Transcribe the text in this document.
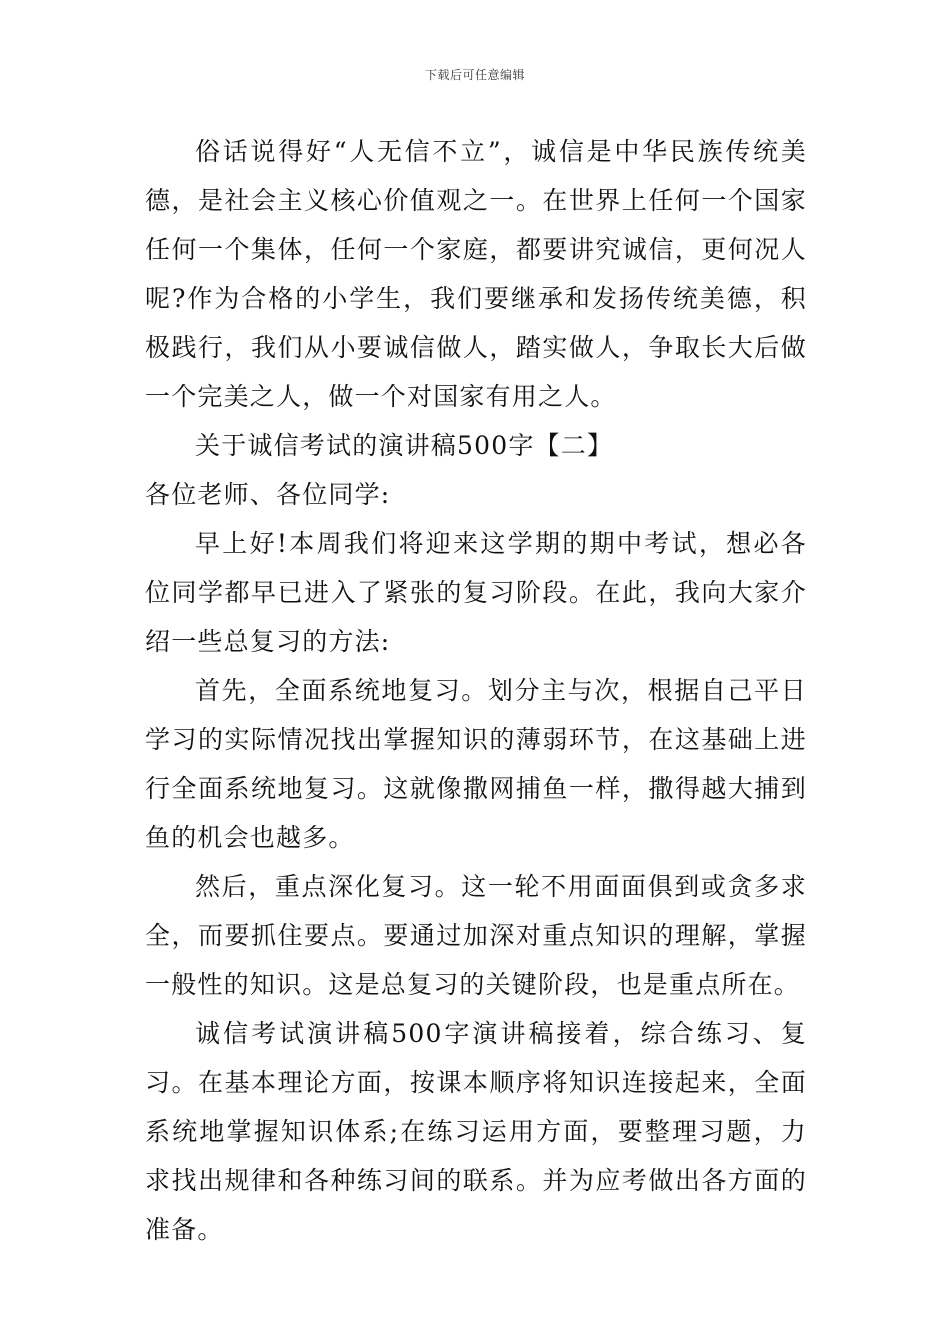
下载后可任意编辑

俗话说得好“人无信不立”，诚信是中华民族传统美德，是社会主义核心价值观之一。在世界上任何一个国家任何一个集体，任何一个家庭，都要讲究诚信，更何况人呢?作为合格的小学生，我们要继承和发扬传统美德，积极践行，我们从小要诚信做人，踏实做人，争取长大后做一个完美之人，做一个对国家有用之人。

关于诚信考试的演讲稿500字【二】

各位老师、各位同学:

早上好!本周我们将迎来这学期的期中考试，想必各位同学都早已进入了紧张的复习阶段。在此，我向大家介绍一些总复习的方法:

首先，全面系统地复习。划分主与次，根据自己平日学习的实际情况找出掌握知识的薄弱环节，在这基础上进行全面系统地复习。这就像撒网捕鱼一样，撒得越大捕到鱼的机会也越多。

然后，重点深化复习。这一轮不用面面俱到或贪多求全，而要抓住要点。要通过加深对重点知识的理解，掌握一般性的知识。这是总复习的关键阶段，也是重点所在。

诚信考试演讲稿500字演讲稿接着，综合练习、复习。在基本理论方面，按课本顺序将知识连接起来，全面系统地掌握知识体系;在练习运用方面，要整理习题，力求找出规律和各种练习间的联系。并为应考做出各方面的准备。
